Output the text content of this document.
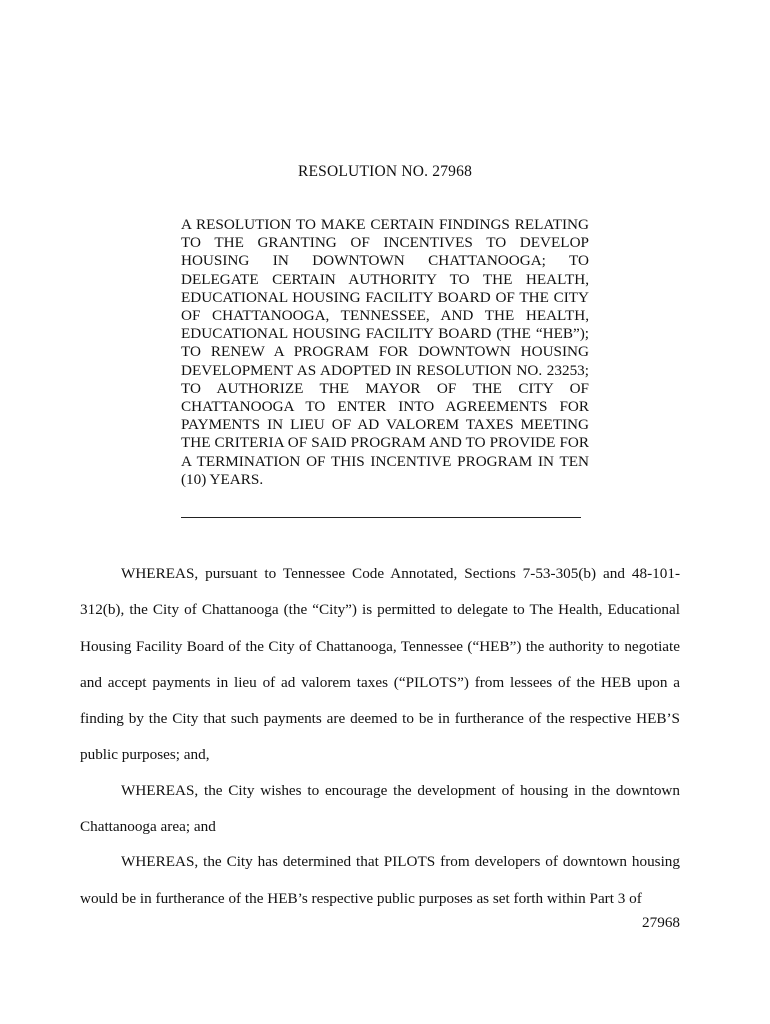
RESOLUTION NO. 27968
A RESOLUTION TO MAKE CERTAIN FINDINGS RELATING TO THE GRANTING OF INCENTIVES TO DEVELOP HOUSING IN DOWNTOWN CHATTANOOGA; TO DELEGATE CERTAIN AUTHORITY TO THE HEALTH, EDUCATIONAL HOUSING FACILITY BOARD OF THE CITY OF CHATTANOOGA, TENNESSEE, AND THE HEALTH, EDUCATIONAL HOUSING FACILITY BOARD (THE “HEB”); TO RENEW A PROGRAM FOR DOWNTOWN HOUSING DEVELOPMENT AS ADOPTED IN RESOLUTION NO. 23253; TO AUTHORIZE THE MAYOR OF THE CITY OF CHATTANOOGA TO ENTER INTO AGREEMENTS FOR PAYMENTS IN LIEU OF AD VALOREM TAXES MEETING THE CRITERIA OF SAID PROGRAM AND TO PROVIDE FOR A TERMINATION OF THIS INCENTIVE PROGRAM IN TEN (10) YEARS.

WHEREAS, pursuant to Tennessee Code Annotated, Sections 7-53-305(b) and 48-101-312(b), the City of Chattanooga (the “City”) is permitted to delegate to The Health, Educational Housing Facility Board of the City of Chattanooga, Tennessee (“HEB”) the authority to negotiate and accept payments in lieu of ad valorem taxes (“PILOTS”) from lessees of the HEB upon a finding by the City that such payments are deemed to be in furtherance of the respective HEB’S public purposes; and,

WHEREAS, the City wishes to encourage the development of housing in the downtown Chattanooga area; and

WHEREAS, the City has determined that PILOTS from developers of downtown housing would be in furtherance of the HEB’s respective public purposes as set forth within Part 3 of

27968
